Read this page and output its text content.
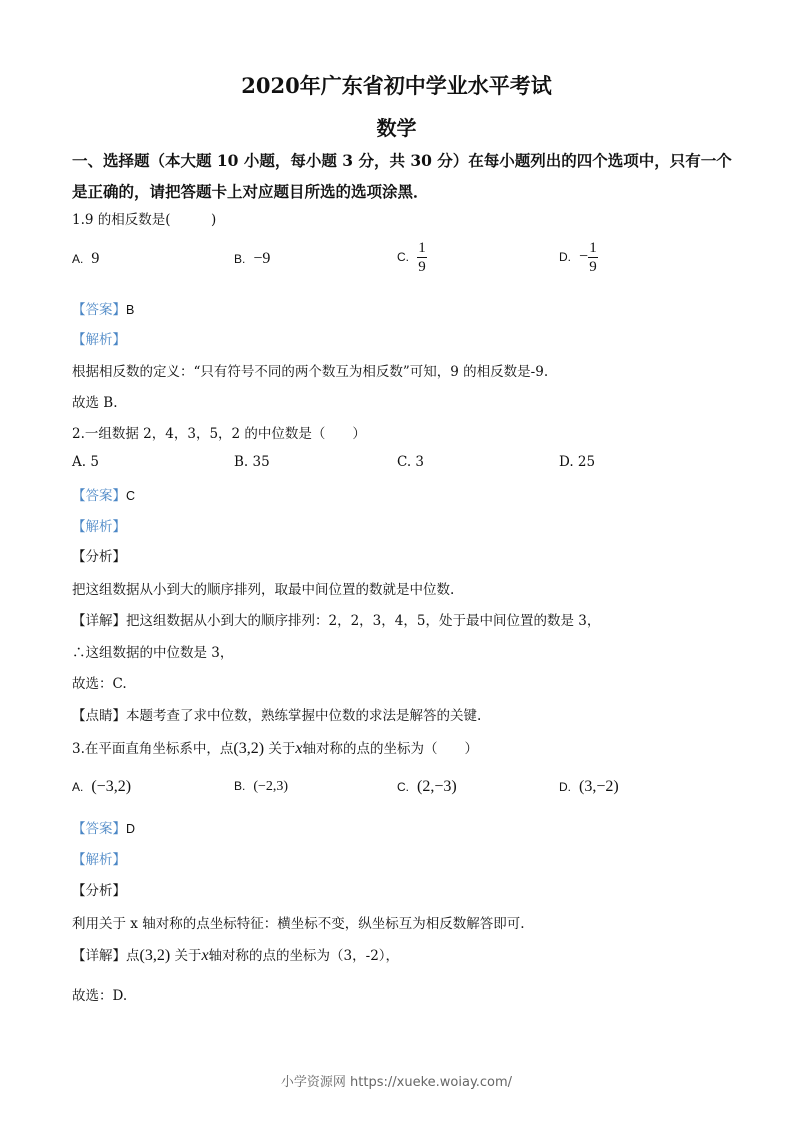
2020年广东省初中学业水平考试
数学
一、选择题（本大题 10 小题，每小题 3 分，共 30 分）在每小题列出的四个选项中，只有一个是正确的，请把答题卡上对应题目所选的选项涂黑．
1.9 的相反数是(　　　)
A. 9	B. −9	C. $\frac{1}{9}$	D. − $\frac{1}{9}$
【答案】B
【解析】
根据相反数的定义：“只有符号不同的两个数互为相反数”可知，9 的相反数是-9.
故选 B.
2.一组数据 2，4，3，5，2 的中位数是（　　）
A. 5	B. 35	C. 3	D. 25
【答案】C
【解析】
【分析】
把这组数据从小到大的顺序排列，取最中间位置的数就是中位数.
【详解】把这组数据从小到大的顺序排列：2，2，3，4，5，处于最中间位置的数是 3，
∴这组数据的中位数是 3，
故选：C.
【点睛】本题考查了求中位数，熟练掌握中位数的求法是解答的关键.
3.在平面直角坐标系中，点(3,2) 关于x轴对称的点的坐标为（　　）
A. (−3,2)	B. (−2,3)	C. (2,−3)	D. (3,−2)
【答案】D
【解析】
【分析】
利用关于 x 轴对称的点坐标特征：横坐标不变，纵坐标互为相反数解答即可.
【详解】点(3,2) 关于x轴对称的点的坐标为（3，-2），
故选：D.
小学资源网 https://xueke.woiay.com/
